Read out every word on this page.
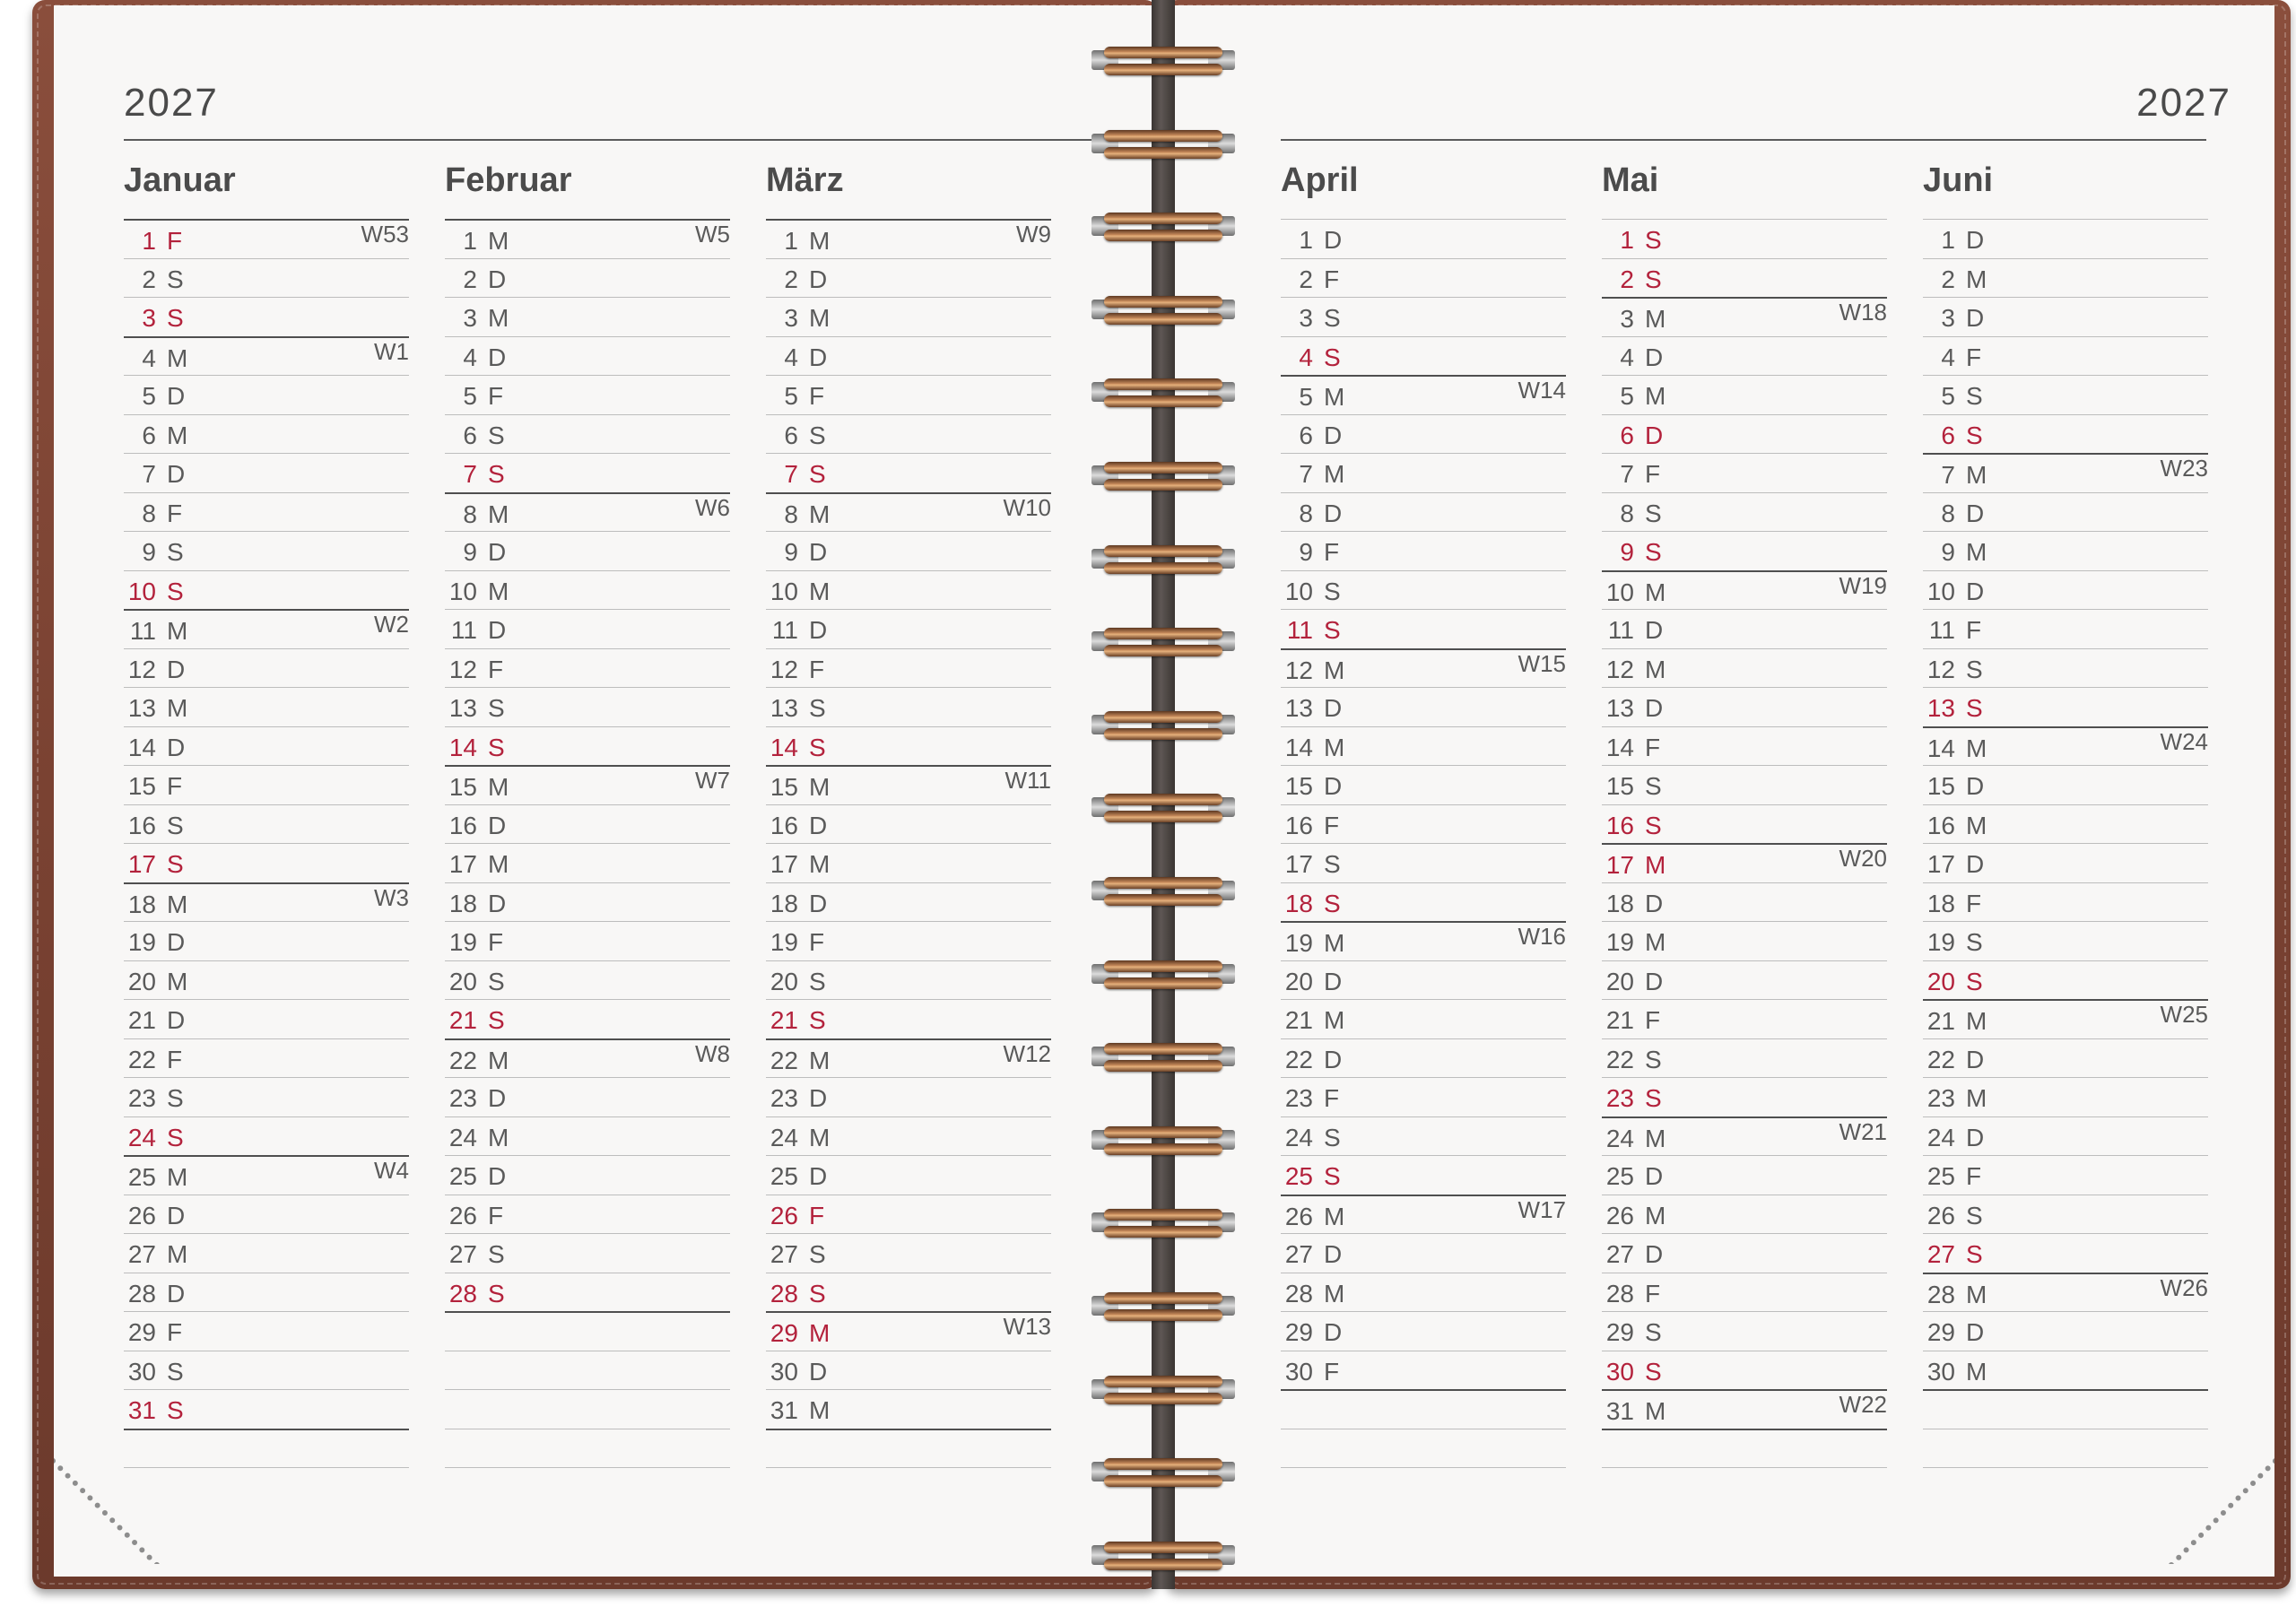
2027
Januar
1 F	W53
2 S
3 S
4 M	W1
5 D
6 M
7 D
8 F
9 S
10 S
11 M	W2
12 D
13 M
14 D
15 F
16 S
17 S
18 M	W3
19 D
20 M
21 D
22 F
23 S
24 S
25 M	W4
26 D
27 M
28 D
29 F
30 S
31 S
Februar
1 M	W5
2 D
3 M
4 D
5 F
6 S
7 S
8 M	W6
9 D
10 M
11 D
12 F
13 S
14 S
15 M	W7
16 D
17 M
18 D
19 F
20 S
21 S
22 M	W8
23 D
24 M
25 D
26 F
27 S
28 S
März
1 M	W9
2 D
3 M
4 D
5 F
6 S
7 S
8 M	W10
9 D
10 M
11 D
12 F
13 S
14 S
15 M	W11
16 D
17 M
18 D
19 F
20 S
21 S
22 M	W12
23 D
24 M
25 D
26 F
27 S
28 S
29 M	W13
30 D
31 M
2027
April
1 D
2 F
3 S
4 S
5 M	W14
6 D
7 M
8 D
9 F
10 S
11 S
12 M	W15
13 D
14 M
15 D
16 F
17 S
18 S
19 M	W16
20 D
21 M
22 D
23 F
24 S
25 S
26 M	W17
27 D
28 M
29 D
30 F
Mai
1 S
2 S
3 M	W18
4 D
5 M
6 D
7 F
8 S
9 S
10 M	W19
11 D
12 M
13 D
14 F
15 S
16 S
17 M	W20
18 D
19 M
20 D
21 F
22 S
23 S
24 M	W21
25 D
26 M
27 D
28 F
29 S
30 S
31 M	W22
Juni
1 D
2 M
3 D
4 F
5 S
6 S
7 M	W23
8 D
9 M
10 D
11 F
12 S
13 S
14 M	W24
15 D
16 M
17 D
18 F
19 S
20 S
21 M	W25
22 D
23 M
24 D
25 F
26 S
27 S
28 M	W26
29 D
30 M
